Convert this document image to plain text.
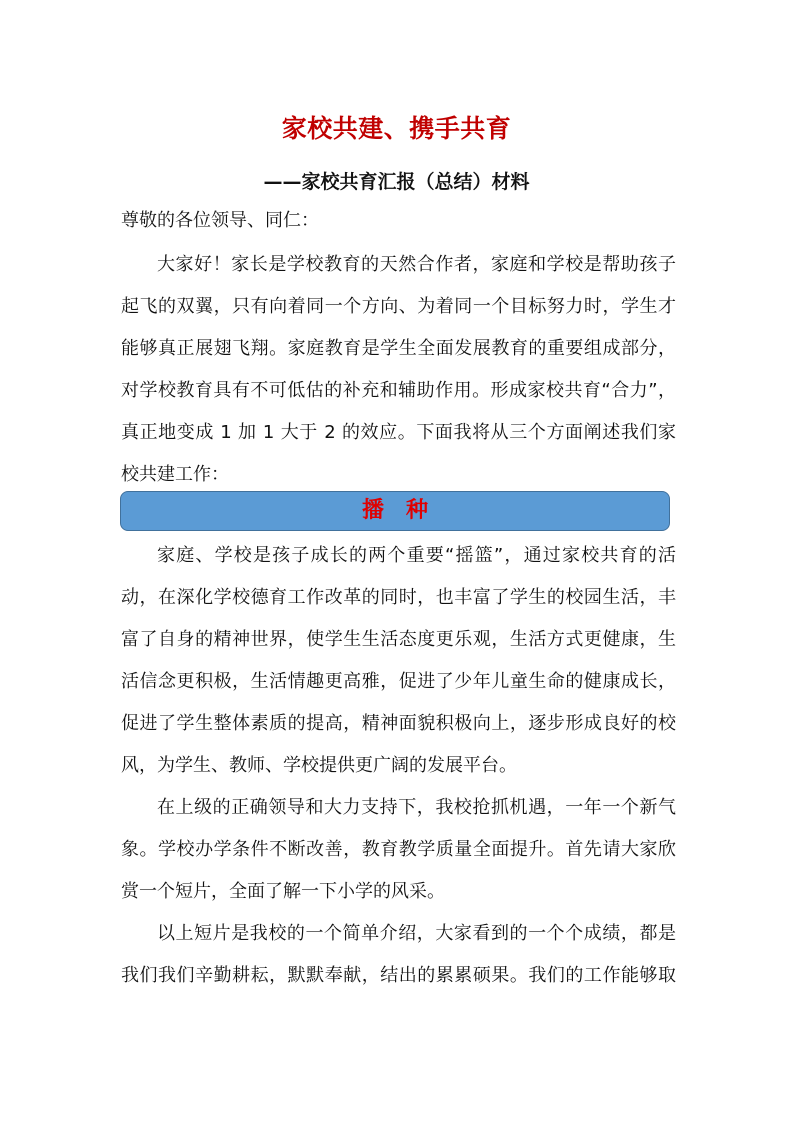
家校共建、携手共育
——家校共育汇报（总结）材料
尊敬的各位领导、同仁：
大家好！家长是学校教育的天然合作者，家庭和学校是帮助孩子
起飞的双翼，只有向着同一个方向、为着同一个目标努力时，学生才
能够真正展翅飞翔。家庭教育是学生全面发展教育的重要组成部分，
对学校教育具有不可低估的补充和辅助作用。形成家校共育“合力”，
真正地变成 1 加 1 大于 2 的效应。下面我将从三个方面阐述我们家
校共建工作：
播种
家庭、学校是孩子成长的两个重要“摇篮”，通过家校共育的活
动，在深化学校德育工作改革的同时，也丰富了学生的校园生活，丰
富了自身的精神世界，使学生生活态度更乐观，生活方式更健康，生
活信念更积极，生活情趣更高雅，促进了少年儿童生命的健康成长，
促进了学生整体素质的提高，精神面貌积极向上，逐步形成良好的校
风，为学生、教师、学校提供更广阔的发展平台。
在上级的正确领导和大力支持下，我校抢抓机遇，一年一个新气
象。学校办学条件不断改善，教育教学质量全面提升。首先请大家欣
赏一个短片，全面了解一下小学的风采。
以上短片是我校的一个简单介绍，大家看到的一个个成绩，都是
我们我们辛勤耕耘，默默奉献，结出的累累硕果。我们的工作能够取
